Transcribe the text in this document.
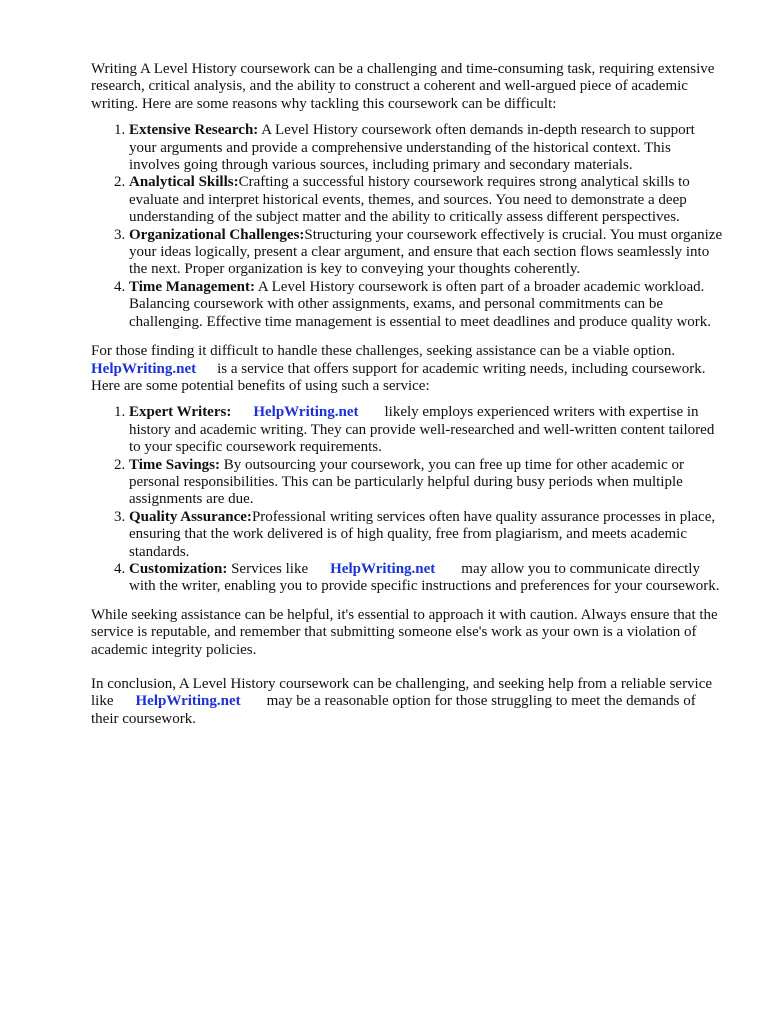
Writing A Level History coursework can be a challenging and time-consuming task, requiring extensive research, critical analysis, and the ability to construct a coherent and well-argued piece of academic writing. Here are some reasons why tackling this coursework can be difficult:

1. Extensive Research: A Level History coursework often demands in-depth research to support your arguments and provide a comprehensive understanding of the historical context. This involves going through various sources, including primary and secondary materials.
2. Analytical Skills:Crafting a successful history coursework requires strong analytical skills to evaluate and interpret historical events, themes, and sources. You need to demonstrate a deep understanding of the subject matter and the ability to critically assess different perspectives.
3. Organizational Challenges:Structuring your coursework effectively is crucial. You must organize your ideas logically, present a clear argument, and ensure that each section flows seamlessly into the next. Proper organization is key to conveying your thoughts coherently.
4. Time Management: A Level History coursework is often part of a broader academic workload. Balancing coursework with other assignments, exams, and personal commitments can be challenging. Effective time management is essential to meet deadlines and produce quality work.

For those finding it difficult to handle these challenges, seeking assistance can be a viable option. HelpWriting.net is a service that offers support for academic writing needs, including coursework. Here are some potential benefits of using such a service:

1. Expert Writers: HelpWriting.net likely employs experienced writers with expertise in history and academic writing. They can provide well-researched and well-written content tailored to your specific coursework requirements.
2. Time Savings: By outsourcing your coursework, you can free up time for other academic or personal responsibilities. This can be particularly helpful during busy periods when multiple assignments are due.
3. Quality Assurance:Professional writing services often have quality assurance processes in place, ensuring that the work delivered is of high quality, free from plagiarism, and meets academic standards.
4. Customization: Services like HelpWriting.net may allow you to communicate directly with the writer, enabling you to provide specific instructions and preferences for your coursework.

While seeking assistance can be helpful, it's essential to approach it with caution. Always ensure that the service is reputable, and remember that submitting someone else's work as your own is a violation of academic integrity policies.

In conclusion, A Level History coursework can be challenging, and seeking help from a reliable service like HelpWriting.net may be a reasonable option for those struggling to meet the demands of their coursework.
